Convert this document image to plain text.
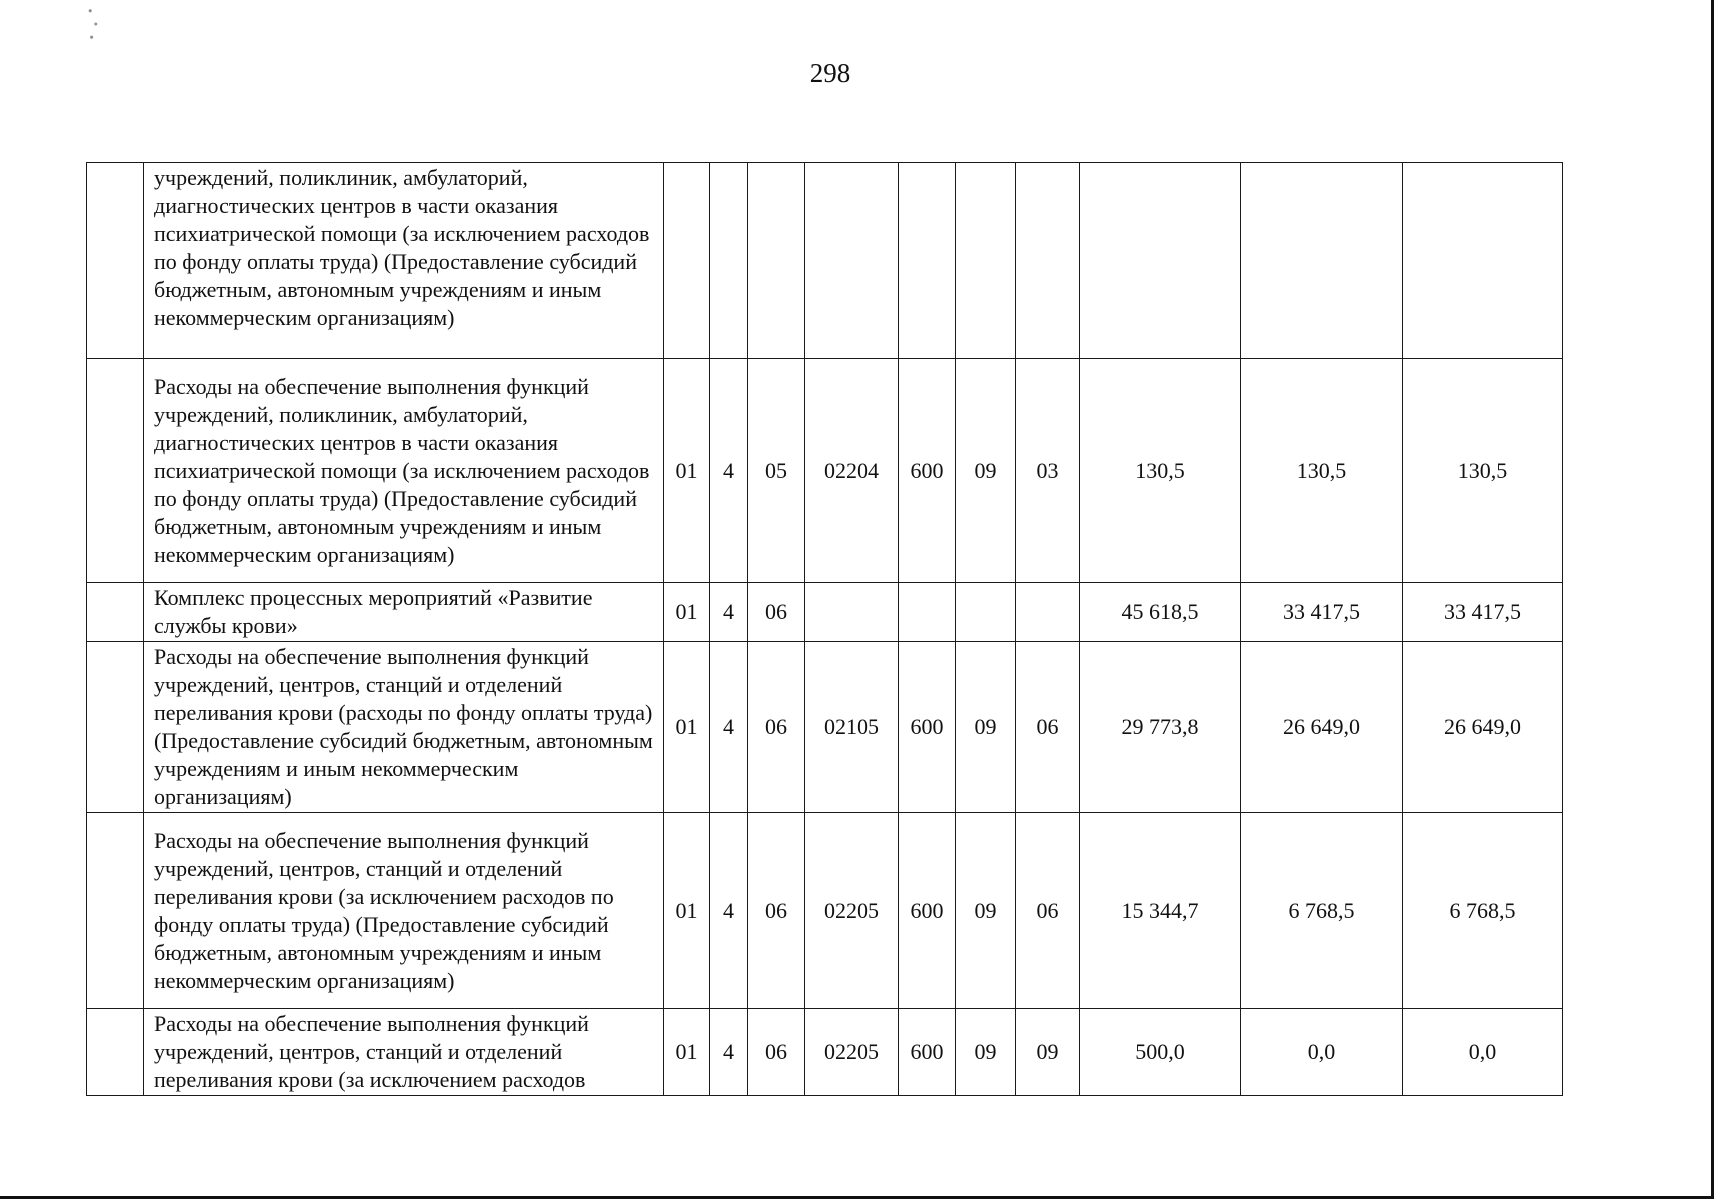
298
	учреждений, поликлиник, амбулаторий, диагностических центров в части оказания психиатрической помощи (за исключением расходов по фонду оплаты труда) (Предоставление субсидий бюджетным, автономным учреждениям и иным некоммерческим организациям)										
	Расходы на обеспечение выполнения функций учреждений, поликлиник, амбулаторий, диагностических центров в части оказания психиатрической помощи (за исключением расходов по фонду оплаты труда) (Предоставление субсидий бюджетным, автономным учреждениям и иным некоммерческим организациям)	01	4	05	02204	600	09	03	130,5	130,5	130,5
	Комплекс процессных мероприятий «Развитие службы крови»	01	4	06					45 618,5	33 417,5	33 417,5
	Расходы на обеспечение выполнения функций учреждений, центров, станций и отделений переливания крови (расходы по фонду оплаты труда) (Предоставление субсидий бюджетным, автономным учреждениям и иным некоммерческим организациям)	01	4	06	02105	600	09	06	29 773,8	26 649,0	26 649,0
	Расходы на обеспечение выполнения функций учреждений, центров, станций и отделений переливания крови (за исключением расходов по фонду оплаты труда) (Предоставление субсидий бюджетным, автономным учреждениям и иным некоммерческим организациям)	01	4	06	02205	600	09	06	15 344,7	6 768,5	6 768,5
	Расходы на обеспечение выполнения функций учреждений, центров, станций и отделений переливания крови (за исключением расходов	01	4	06	02205	600	09	09	500,0	0,0	0,0
